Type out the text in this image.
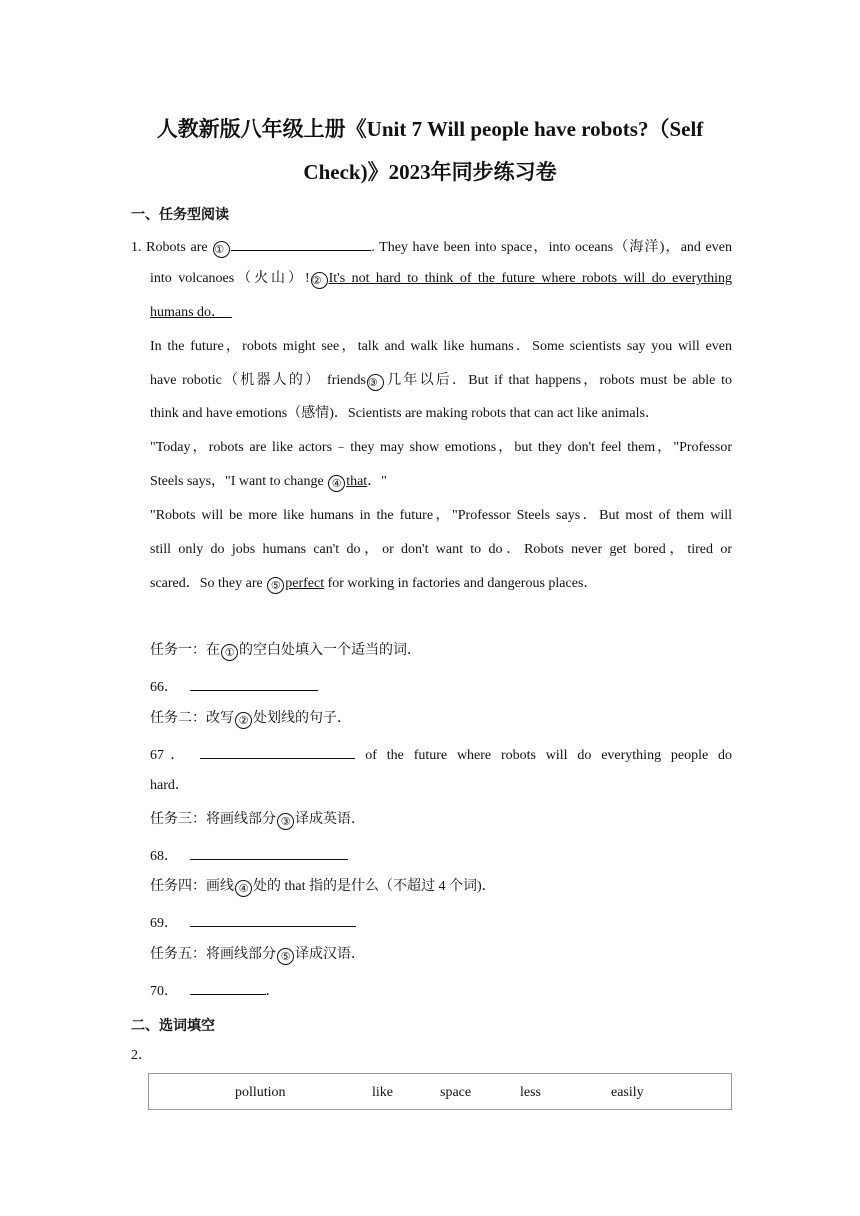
人教新版八年级上册《Unit 7 Will people have robots?（Self
Check)》2023年同步练习卷
一、任务型阅读
1. Robots are ①	. They have been into space，into oceans（海洋)，and even
into volcanoes（火山）! ② It's not hard to think of the future where robots will do everything
humans do．
In the future，robots might see，talk and walk like humans．Some scientists say you will even
have robotic（机器人的） friends ③ 几年以后．But if that happens，robots must be able to
think and have emotions（感情)．Scientists are making robots that can act like animals．
"Today，robots are like actors﹣they may show emotions，but they don't feel them，"Professor
Steels says，"I want to change ④ that．"
"Robots will be more like humans in the future，"Professor Steels says．But most of them will
still only do jobs humans can't do，or don't want to do．Robots never get bored，tired or
scared．So they are ⑤ perfect for working in factories and dangerous places．
任务一：在 ① 的空白处填入一个适当的词．
66．
任务二：改写 ② 处划线的句子．
67．	of the future where robots will do everything people do
hard．
任务三：将画线部分 ③ 译成英语．
68．
任务四：画线 ④ 处的 that 指的是什么（不超过 4 个词)．
69．
任务五：将画线部分 ⑤ 译成汉语．
70．	．
二、选词填空
2．
pollution	like	space	less	easily
